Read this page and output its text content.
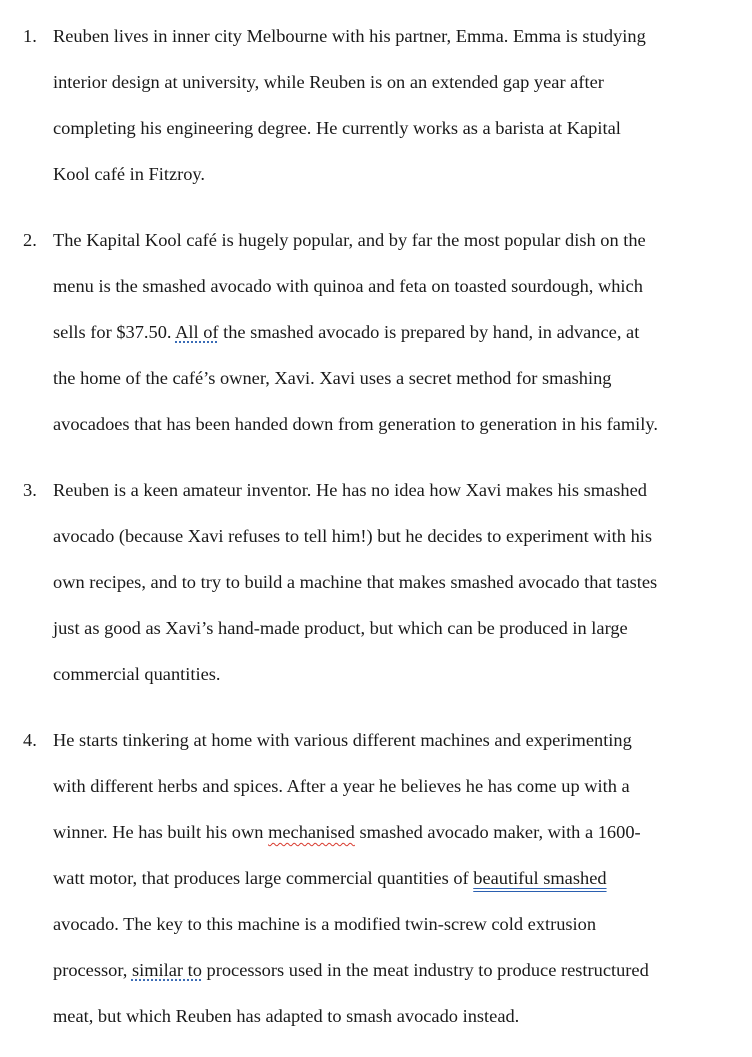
1. Reuben lives in inner city Melbourne with his partner, Emma. Emma is studying
interior design at university, while Reuben is on an extended gap year after
completing his engineering degree. He currently works as a barista at Kapital
Kool café in Fitzroy.
2. The Kapital Kool café is hugely popular, and by far the most popular dish on the
menu is the smashed avocado with quinoa and feta on toasted sourdough, which
sells for $37.50. All of the smashed avocado is prepared by hand, in advance, at
the home of the café’s owner, Xavi. Xavi uses a secret method for smashing
avocadoes that has been handed down from generation to generation in his family.
3. Reuben is a keen amateur inventor. He has no idea how Xavi makes his smashed
avocado (because Xavi refuses to tell him!) but he decides to experiment with his
own recipes, and to try to build a machine that makes smashed avocado that tastes
just as good as Xavi’s hand-made product, but which can be produced in large
commercial quantities.
4. He starts tinkering at home with various different machines and experimenting
with different herbs and spices. After a year he believes he has come up with a
winner. He has built his own mechanised smashed avocado maker, with a 1600-
watt motor, that produces large commercial quantities of beautiful smashed
avocado. The key to this machine is a modified twin-screw cold extrusion
processor, similar to processors used in the meat industry to produce restructured
meat, but which Reuben has adapted to smash avocado instead.
